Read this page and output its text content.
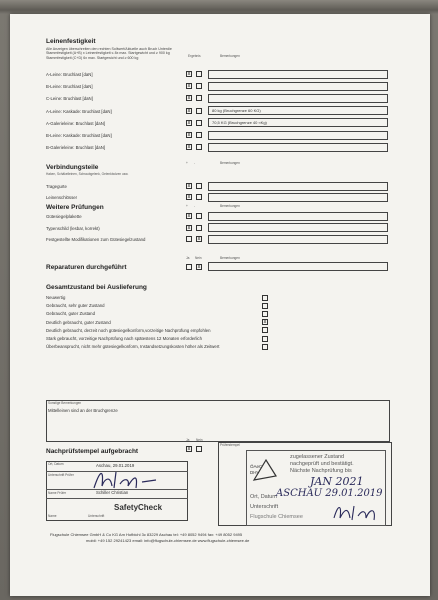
Leinenfestigkeit
Alle Anzeigen überschreiten den rechten Sollwert/Aktuelle auch Bruch Unterdie Stammfestigkeit (A+B) x Leinenfestigkeit ≤ 8x max. Startgewicht und ≥ 900 kg Stammfestigkeit (C+D) 6x max. Startgewicht und ≥ 600 kg	Ergebnis	Bemerkungen
Verbindungsteile
Haken, Schäkelleinen, Schraubgelenk, Gelenkbolzen usw.
+ -	Bemerkungen
Weitere Prüfungen	+ -	Bemerkungen
Ja Nein	Bemerkungen
Reparaturen durchgeführt	x
Gesamtzustand bei Auslieferung
Sonstige Bemerkungen
Mittelleinen sind an der Bruchgrenze
Ja Nein
Nachprüfstempel aufgebracht	x
Ort, Datum	Aschau, 29.01.2019
Unterschrift Prüfer
Name Prüfer	Schiller Christian
Name	Unterschrift
SafetyCheck
Prüferstempel
ÖAeC
DHV
zugelassener Zustand
nachgeprüft und bestätigt.
Nächste Nachprüfung bis
JAN 2021
Ort, Datum ASCHAU 29.01.2019
Unterschrift
Flugschule Chiemsee
Flugschule Chiemsee GmbH & Co KG Am Hofbichl 3c 83229 Aschau tel: +49 8052 9494 fax: +49 8052 9495
mobil: +49 152 29241423 email: info@flugschule-chiemsee.de www.flugschule-chiemsee.de
A-Leine: Bruchlast [daN]	x
B-Leine: Bruchlast [daN]	x
C-Leine: Bruchlast [daN]	x
A-Leine: Kaskade: Bruchlast [daN]	x	80 kg (Bruchgrenze 60 KG)
A-Galerieleine: Bruchlast [daN]	x	70,5 KG (Bruchgrenze 40 ≈Kg)
B-Leine: Kaskade: Bruchlast [daN]	x
B-Galerieleine: Bruchlast [daN]	x
Tragegurte	x
Leinenschlösser	x
Gütesiegelplakette	x
Typenschild (lesbar, korrekt)	x
Festgestellte Modifikationen zum Gütesiegelzustand	x
Neuwertig
Gebraucht, sehr guter Zustand
Gebraucht, guter Zustand
Deutlich gebraucht, guter Zustand	x
Deutlich gebraucht, derzeit noch gütesiegelkonform,vorzeitige Nachprüfung empfohlen
Stark gebraucht, vorzeitige Nachprüfung nach spätestens 12 Monaten erforderlich
Überbeansprucht, nicht mehr gütesiegelkonform, Instandsetzungskosten höher als Zeitwert
